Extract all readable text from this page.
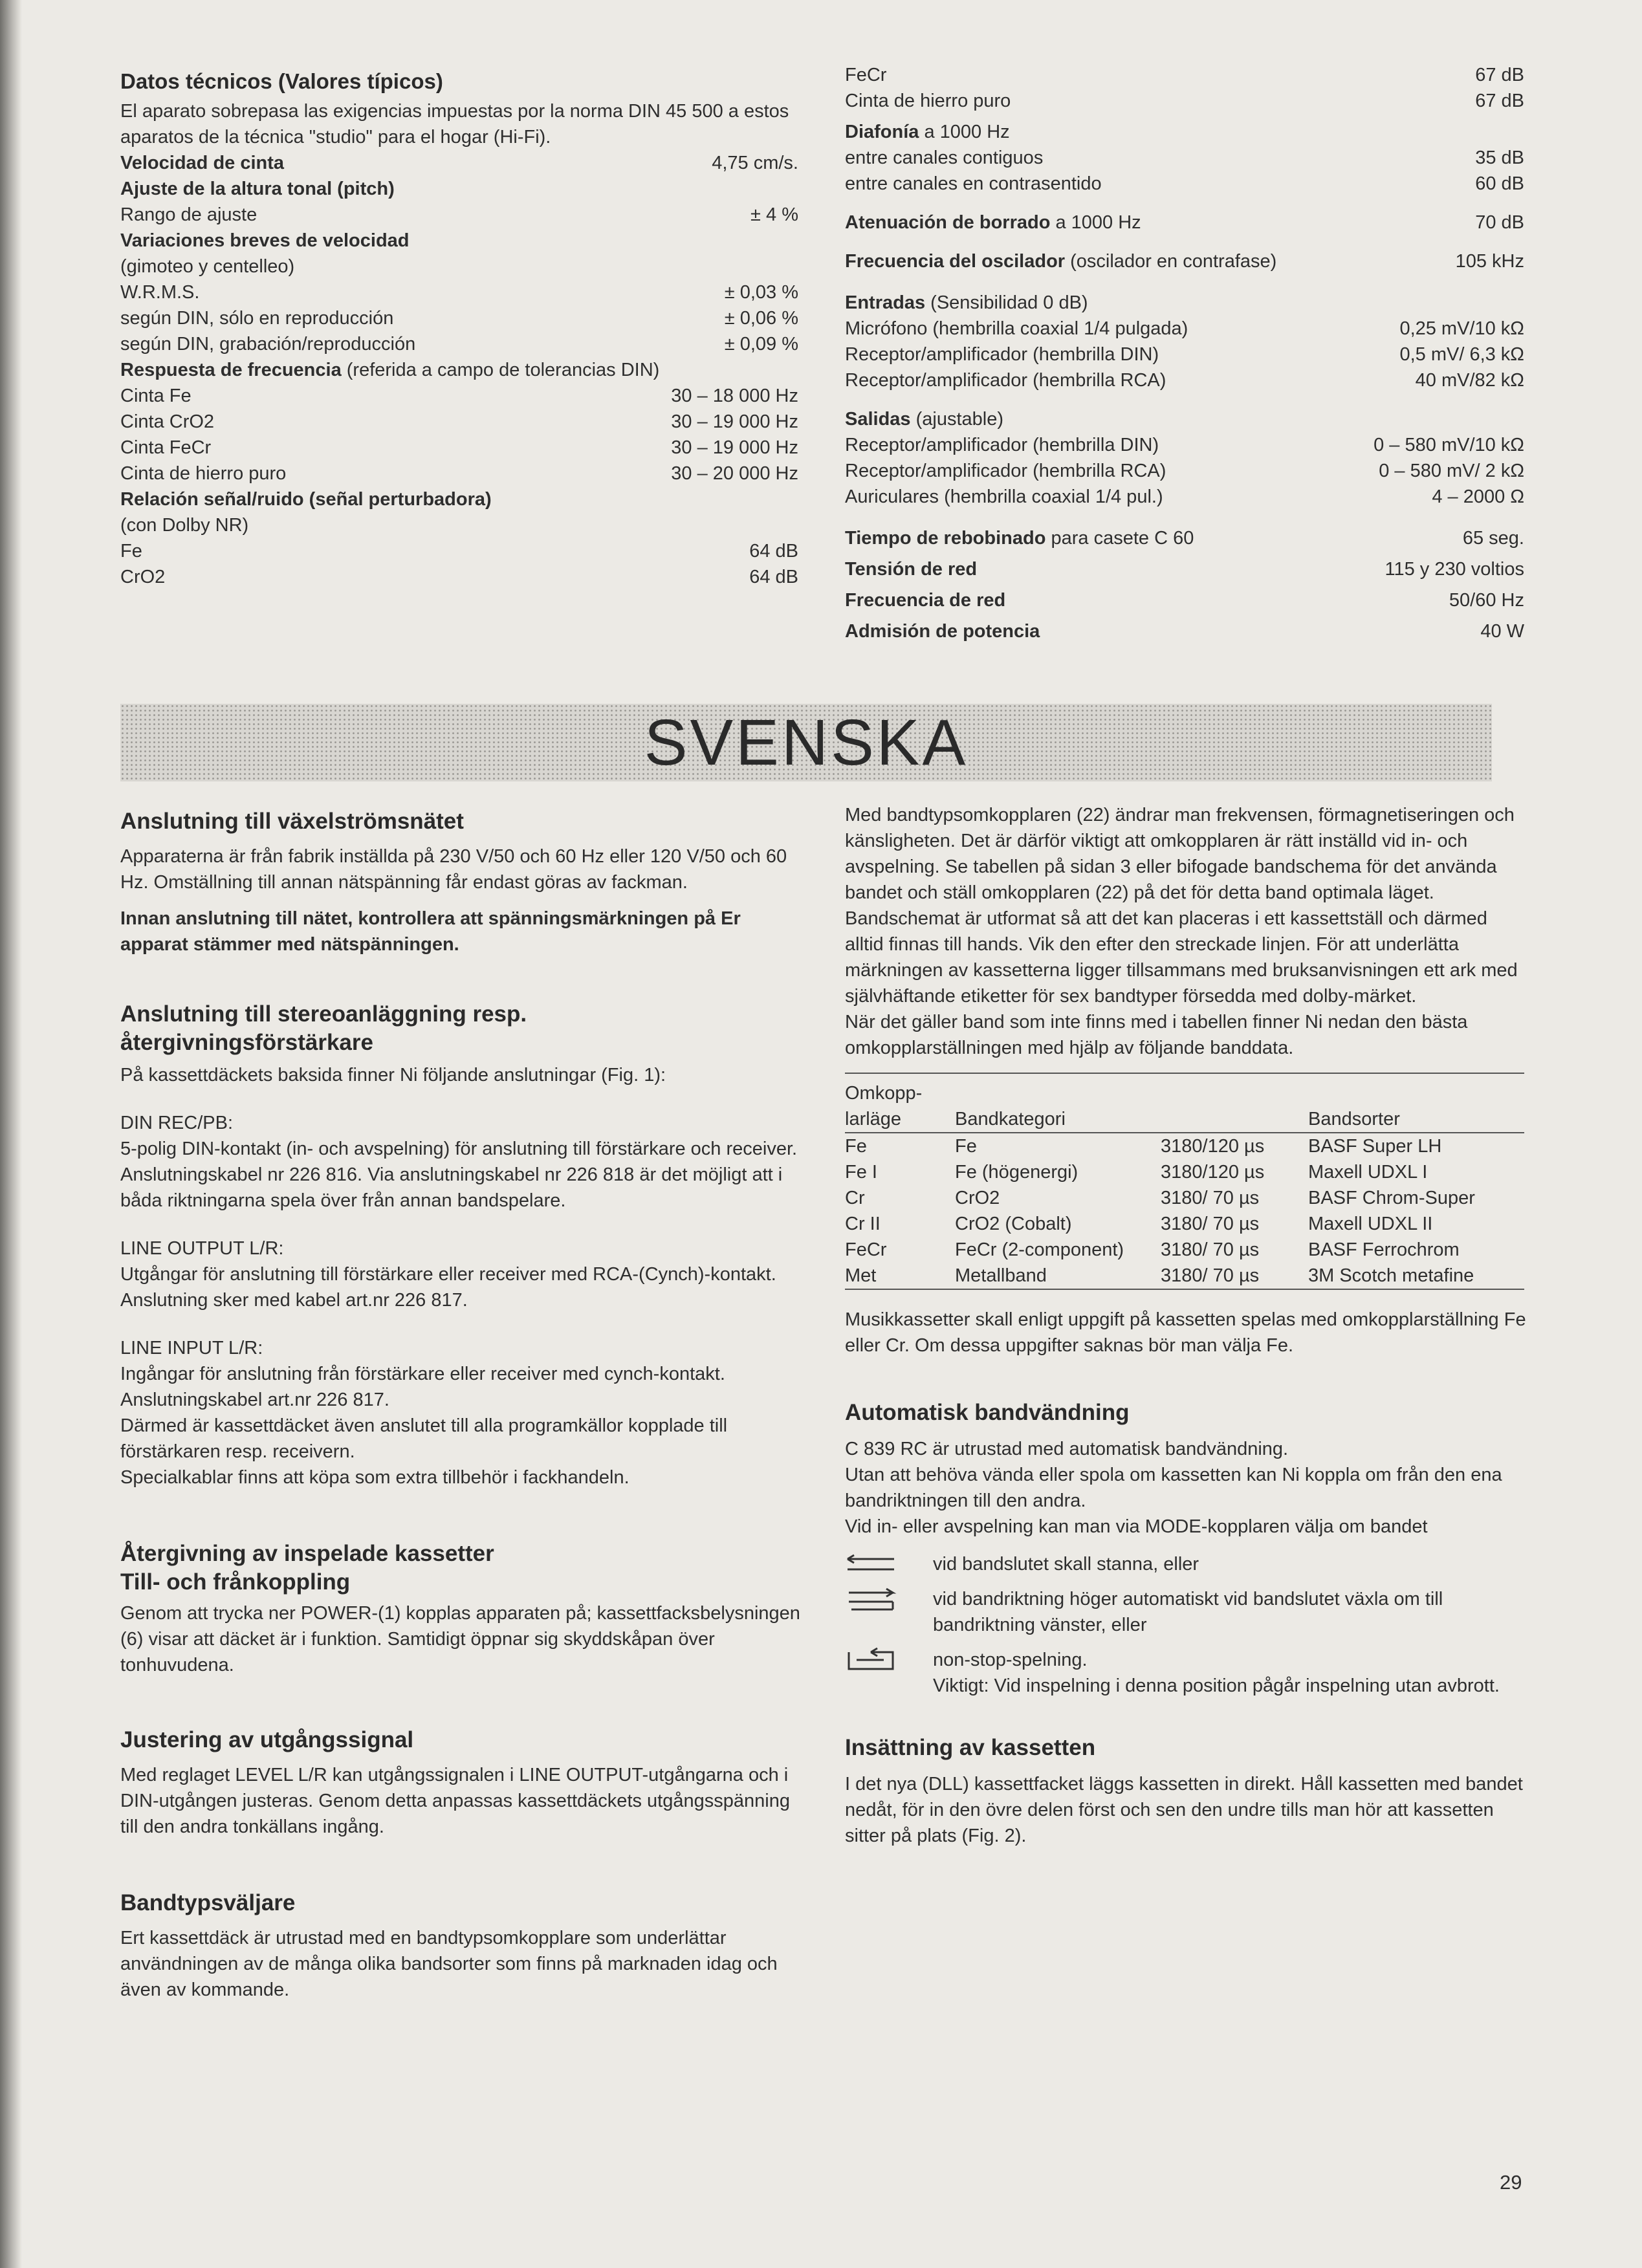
Datos técnicos (Valores típicos)
El aparato sobrepasa las exigencias impuestas por la norma DIN 45 500 a estos aparatos de la técnica "studio" para el hogar (Hi-Fi).
Velocidad de cinta	4,75 cm/s.
Ajuste de la altura tonal (pitch)
Rango de ajuste	± 4 %
Variaciones breves de velocidad
(gimoteo y centelleo)
W.R.M.S.	± 0,03 %
según DIN, sólo en reproducción	± 0,06 %
según DIN, grabación/reproducción	± 0,09 %
Respuesta de frecuencia (referida a campo de tolerancias DIN)
Cinta Fe	30 – 18 000 Hz
Cinta CrO2	30 – 19 000 Hz
Cinta FeCr	30 – 19 000 Hz
Cinta de hierro puro	30 – 20 000 Hz
Relación señal/ruido (señal perturbadora)
(con Dolby NR)
Fe	64 dB
CrO2	64 dB
FeCr	67 dB
Cinta de hierro puro	67 dB
Diafonía a 1000 Hz
entre canales contiguos	35 dB
entre canales en contrasentido	60 dB
Atenuación de borrado a 1000 Hz	70 dB
Frecuencia del oscilador (oscilador en contrafase)	105 kHz
Entradas (Sensibilidad 0 dB)
Micrófono (hembrilla coaxial 1/4 pulgada)	0,25 mV/10 kΩ
Receptor/amplificador (hembrilla DIN)	0,5 mV/ 6,3 kΩ
Receptor/amplificador (hembrilla RCA)	40 mV/82 kΩ
Salidas (ajustable)
Receptor/amplificador (hembrilla DIN)	0 – 580 mV/10 kΩ
Receptor/amplificador (hembrilla RCA)	0 – 580 mV/ 2 kΩ
Auriculares (hembrilla coaxial 1/4 pul.)	4 – 2000 Ω
Tiempo de rebobinado para casete C 60	65 seg.
Tensión de red	115 y 230 voltios
Frecuencia de red	50/60 Hz
Admisión de potencia	40 W
SVENSKA
Anslutning till växelströmsnätet
Apparaterna är från fabrik inställda på 230 V/50 och 60 Hz eller 120 V/50 och 60 Hz. Omställning till annan nätspänning får endast göras av fackman.
Innan anslutning till nätet, kontrollera att spänningsmärkningen på Er apparat stämmer med nätspänningen.
Anslutning till stereoanläggning resp.
återgivningsförstärkare
På kassettdäckets baksida finner Ni följande anslutningar (Fig. 1):
DIN REC/PB:
5-polig DIN-kontakt (in- och avspelning) för anslutning till förstärkare och receiver. Anslutningskabel nr 226 816. Via anslutningskabel nr 226 818 är det möjligt att i båda riktningarna spela över från annan bandspelare.
LINE OUTPUT L/R:
Utgångar för anslutning till förstärkare eller receiver med RCA-(Cynch)-kontakt. Anslutning sker med kabel art.nr 226 817.
LINE INPUT L/R:
Ingångar för anslutning från förstärkare eller receiver med cynch-kontakt. Anslutningskabel art.nr 226 817.
Därmed är kassettdäcket även anslutet till alla programkällor kopplade till förstärkaren resp. receivern.
Specialkablar finns att köpa som extra tillbehör i fackhandeln.
Återgivning av inspelade kassetter
Till- och frånkoppling
Genom att trycka ner POWER-(1) kopplas apparaten på; kassettfacksbelysningen (6) visar att däcket är i funktion. Samtidigt öppnar sig skyddskåpan över tonhuvudena.
Justering av utgångssignal
Med reglaget LEVEL L/R kan utgångssignalen i LINE OUTPUT-utgångarna och i DIN-utgången justeras. Genom detta anpassas kassettdäckets utgångsspänning till den andra tonkällans ingång.
Bandtypsväljare
Ert kassettdäck är utrustad med en bandtypsomkopplare som underlättar användningen av de många olika bandsorter som finns på marknaden idag och även av kommande.
Med bandtypsomkopplaren (22) ändrar man frekvensen, förmagnetiseringen och känsligheten. Det är därför viktigt att omkopplaren är rätt inställd vid in- och avspelning. Se tabellen på sidan 3 eller bifogade bandschema för det använda bandet och ställ omkopplaren (22) på det för detta band optimala läget.
Bandschemat är utformat så att det kan placeras i ett kassettställ och därmed alltid finnas till hands. Vik den efter den streckade linjen. För att underlätta märkningen av kassetterna ligger tillsammans med bruksanvisningen ett ark med självhäftande etiketter för sex bandtyper försedda med dolby-märket.
När det gäller band som inte finns med i tabellen finner Ni nedan den bästa omkopplarställningen med hjälp av följande banddata.
Omkopp-
larläge	Bandkategori		Bandsorter
Fe	Fe	3180/120 µs	BASF Super LH
Fe I	Fe (högenergi)	3180/120 µs	Maxell UDXL I
Cr	CrO2	3180/ 70 µs	BASF Chrom-Super
Cr II	CrO2 (Cobalt)	3180/ 70 µs	Maxell UDXL II
FeCr	FeCr (2-component)	3180/ 70 µs	BASF Ferrochrom
Met	Metallband	3180/ 70 µs	3M Scotch metafine
Musikkassetter skall enligt uppgift på kassetten spelas med omkopplarställning Fe eller Cr. Om dessa uppgifter saknas bör man välja Fe.
Automatisk bandvändning
C 839 RC är utrustad med automatisk bandvändning.
Utan att behöva vända eller spola om kassetten kan Ni koppla om från den ena bandriktningen till den andra.
Vid in- eller avspelning kan man via MODE-kopplaren välja om bandet
vid bandslutet skall stanna, eller
vid bandriktning höger automatiskt vid bandslutet växla om till bandriktning vänster, eller
non-stop-spelning.
Viktigt: Vid inspelning i denna position pågår inspelning utan avbrott.
Insättning av kassetten
I det nya (DLL) kassettfacket läggs kassetten in direkt. Håll kassetten med bandet nedåt, för in den övre delen först och sen den undre tills man hör att kassetten sitter på plats (Fig. 2).
29
